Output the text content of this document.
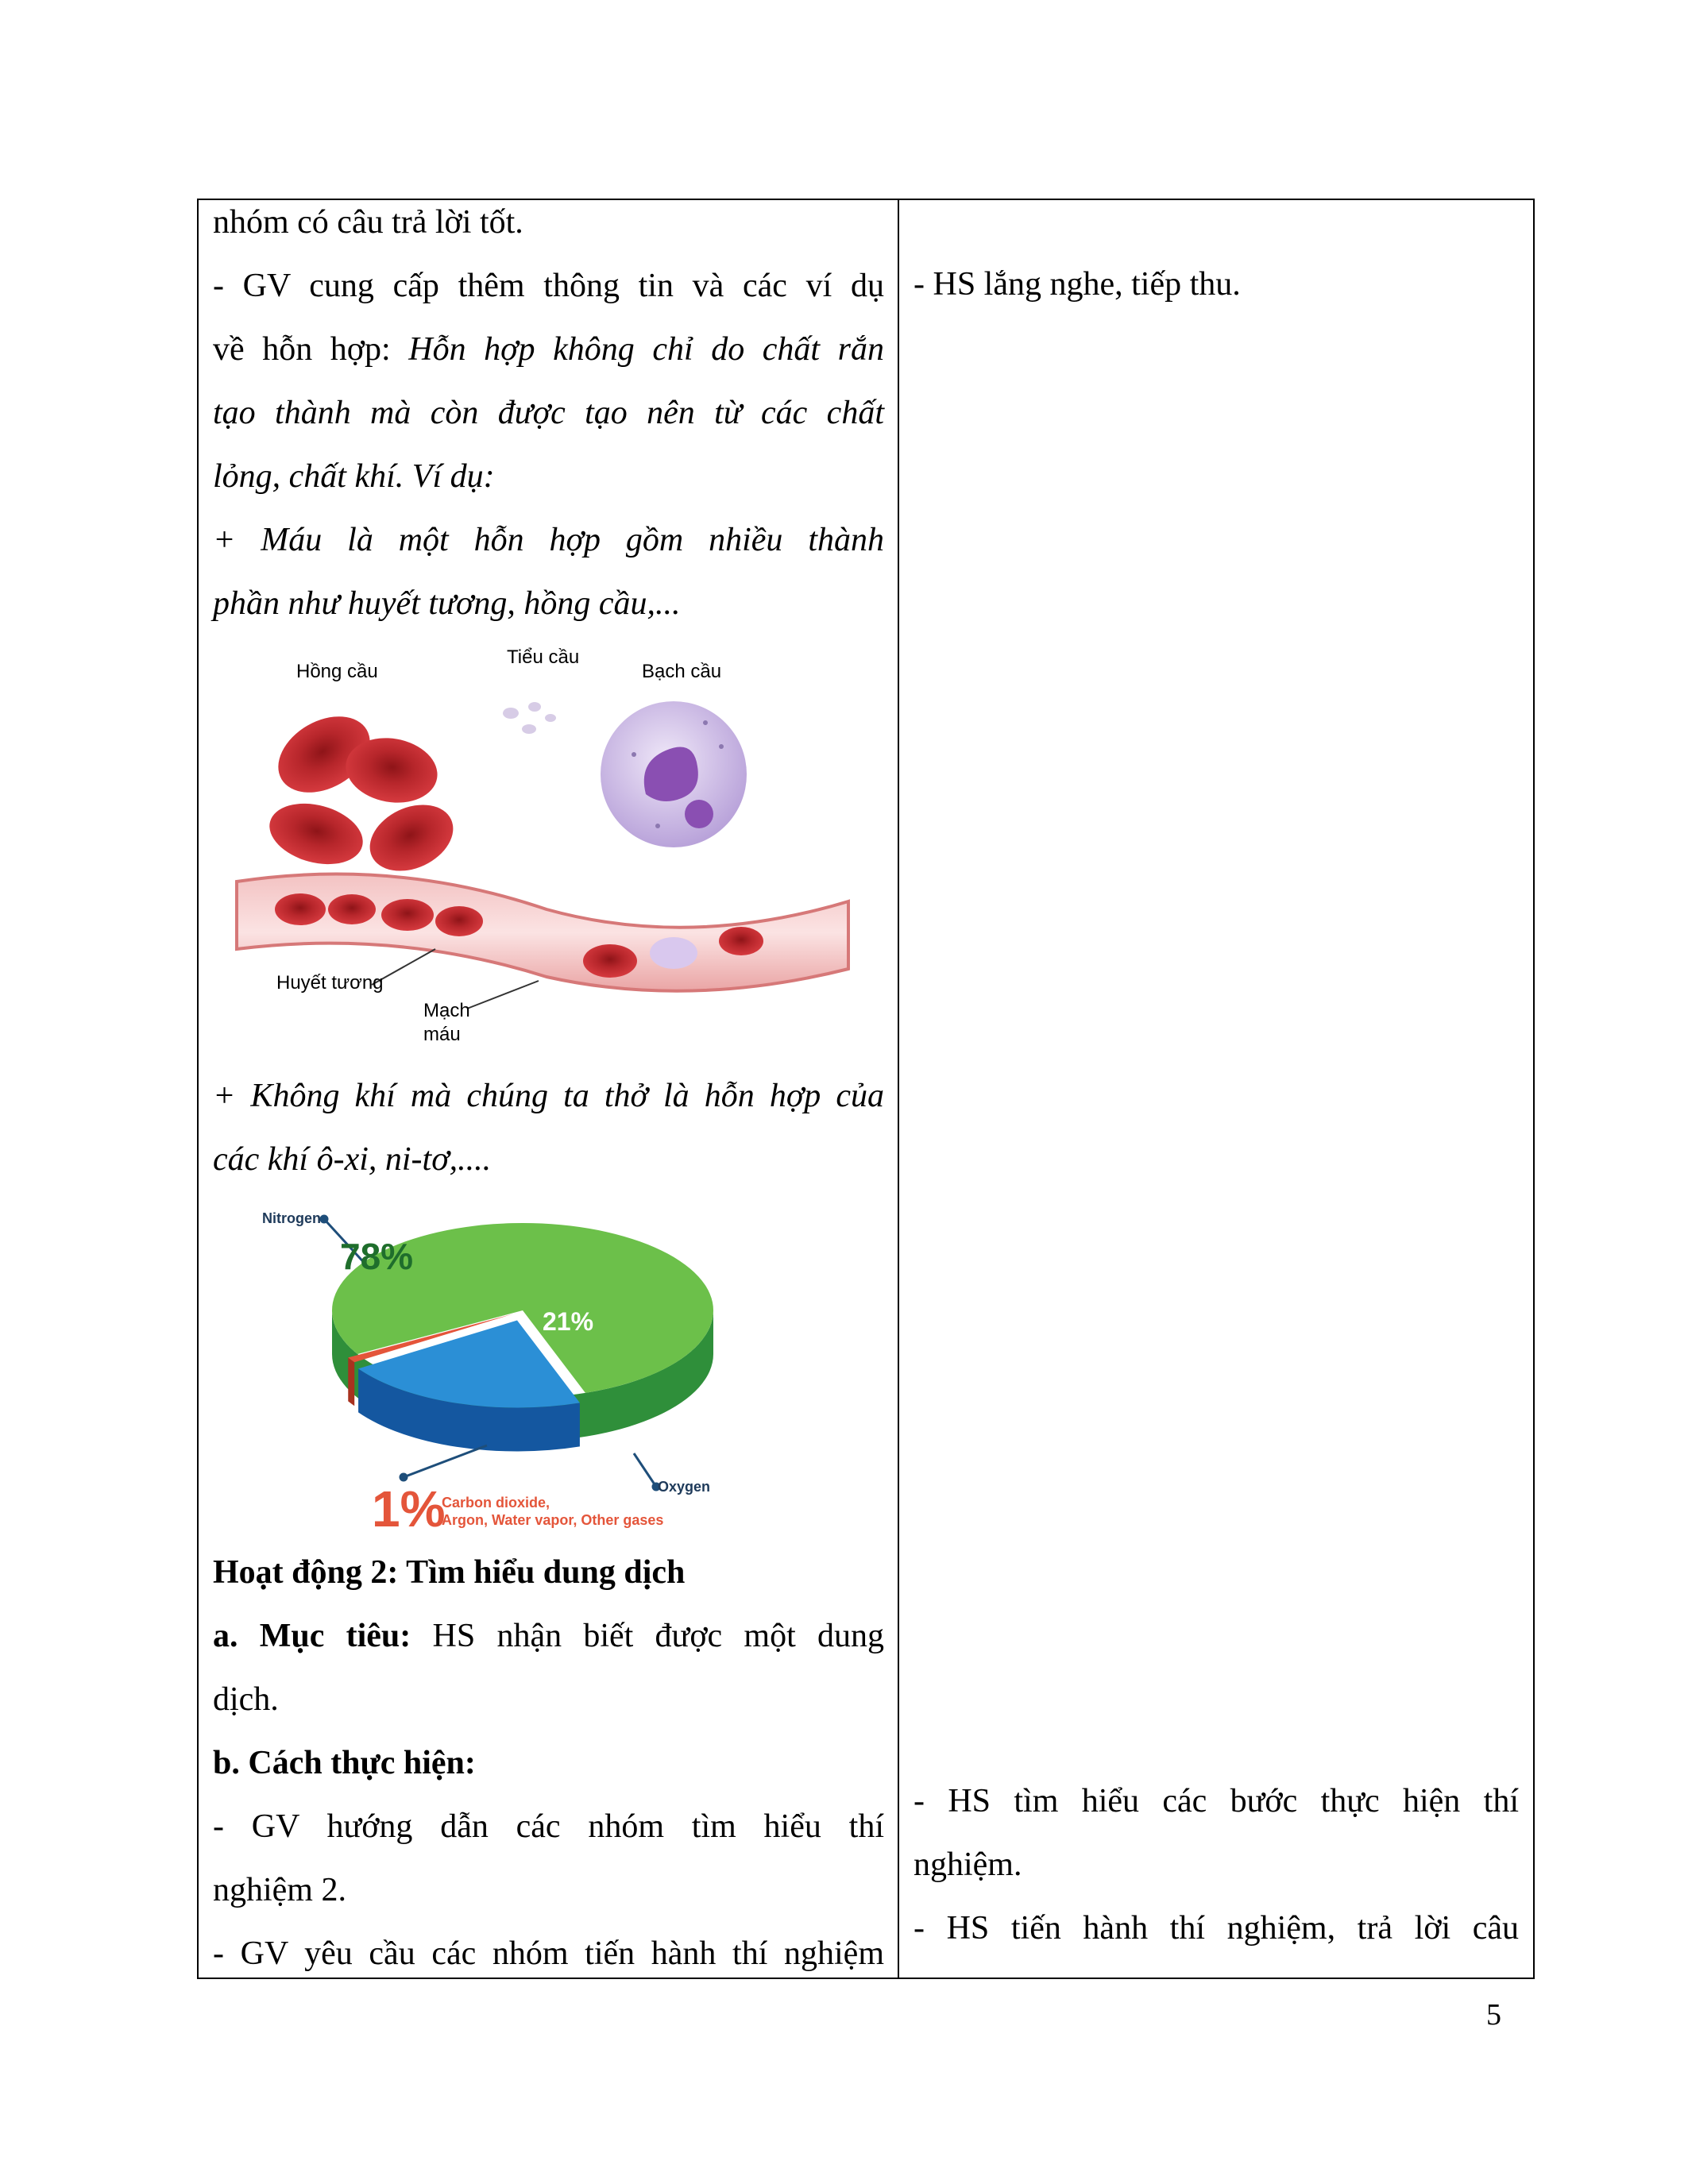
nhóm có câu trả lời tốt.
- GV cung cấp thêm thông tin và các ví dụ
về hỗn hợp: Hỗn hợp không chỉ do chất rắn
tạo thành mà còn được tạo nên từ các chất
lỏng, chất khí. Ví dụ:
+ Máu là một hỗn hợp gồm nhiều thành
phần như huyết tương, hồng cầu,...
Hồng cầu
Tiểu cầu
Bạch cầu
Huyết tương
Mạch
máu
+ Không khí mà chúng ta thở là hỗn hợp của
các khí ô-xi, ni-tơ,....
78%
21%
Nitrogen
Oxygen
1%
Carbon dioxide,
Argon, Water vapor, Other gases
Hoạt động 2: Tìm hiểu dung dịch
a. Mục tiêu: HS nhận biết được một dung
dịch.
b. Cách thực hiện:
- GV hướng dẫn các nhóm tìm hiểu thí
nghiệm 2.
- GV yêu cầu các nhóm tiến hành thí nghiệm
- HS lắng nghe, tiếp thu.
- HS tìm hiểu các bước thực hiện thí
nghiệm.
- HS tiến hành thí nghiệm, trả lời câu
5
